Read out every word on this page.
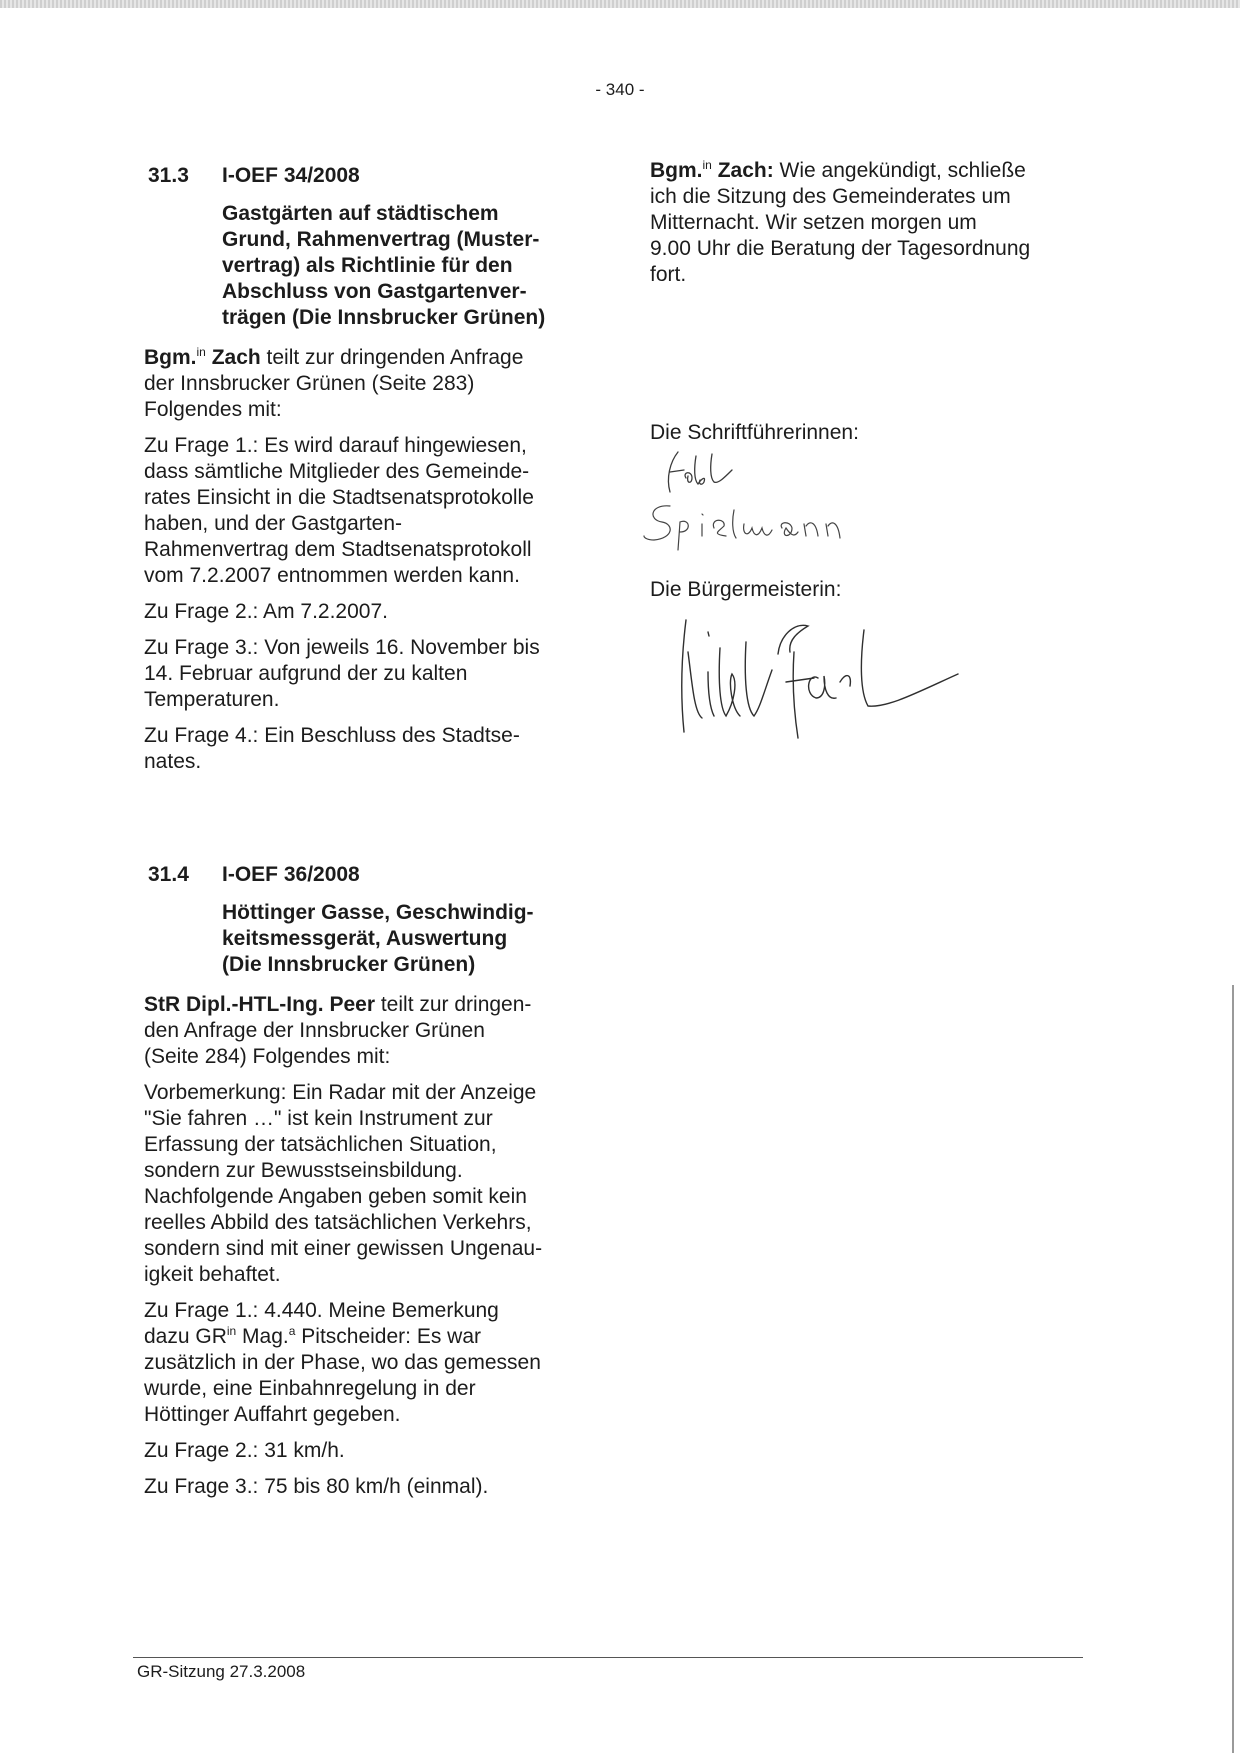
- 340 -
31.3 I-OEF 34/2008
Gastgärten auf städtischem
Grund, Rahmenvertrag (Muster-
vertrag) als Richtlinie für den
Abschluss von Gastgartenver-
trägen (Die Innsbrucker Grünen)

Bgm.$^{in}$ Zach teilt zur dringenden Anfrage
der Innsbrucker Grünen (Seite 283)
Folgendes mit:

Zu Frage 1.: Es wird darauf hingewiesen,
dass sämtliche Mitglieder des Gemeinde-
rates Einsicht in die Stadtsenatsprotokolle
haben, und der Gastgarten-
Rahmenvertrag dem Stadtsenatsprotokoll
vom 7.2.2007 entnommen werden kann.

Zu Frage 2.: Am 7.2.2007.

Zu Frage 3.: Von jeweils 16. November bis
14. Februar aufgrund der zu kalten
Temperaturen.

Zu Frage 4.: Ein Beschluss des Stadtse-
nates.

31.4 I-OEF 36/2008
Höttinger Gasse, Geschwindig-
keitsmessgerät, Auswertung
(Die Innsbrucker Grünen)

StR Dipl.-HTL-Ing. Peer teilt zur dringen-
den Anfrage der Innsbrucker Grünen
(Seite 284) Folgendes mit:

Vorbemerkung: Ein Radar mit der Anzeige
"Sie fahren …" ist kein Instrument zur
Erfassung der tatsächlichen Situation,
sondern zur Bewusstseinsbildung.
Nachfolgende Angaben geben somit kein
reelles Abbild des tatsächlichen Verkehrs,
sondern sind mit einer gewissen Ungenau-
igkeit behaftet.

Zu Frage 1.: 4.440. Meine Bemerkung
dazu $GR^{in}$ Mag.$^a$ Pitscheider: Es war
zusätzlich in der Phase, wo das gemessen
wurde, eine Einbahnregelung in der
Höttinger Auffahrt gegeben.

Zu Frage 2.: 31 km/h.

Zu Frage 3.: 75 bis 80 km/h (einmal).

Bgm.$^{in}$ Zach: Wie angekündigt, schließe
ich die Sitzung des Gemeinderates um
Mitternacht. Wir setzen morgen um
9.00 Uhr die Beratung der Tagesordnung
fort.

Die Schriftführerinnen:
Die Bürgermeisterin:
GR-Sitzung 27.3.2008
